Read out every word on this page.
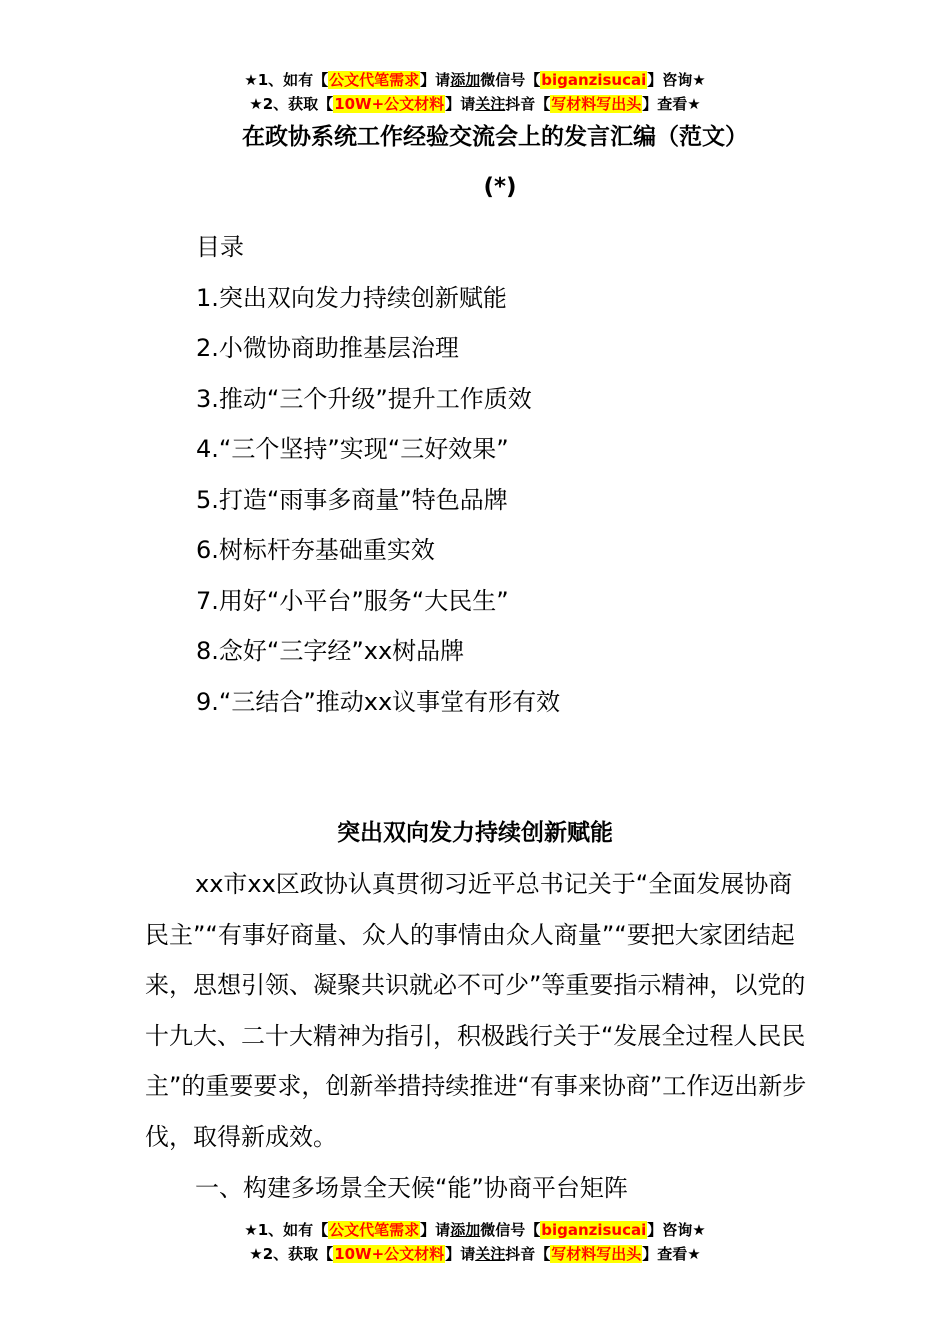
★1、如有【公文代笔需求】请添加微信号【biganzisucai】咨询★
★2、获取【10W+公文材料】请关注抖音【写材料写出头】查看★
在政协系统工作经验交流会上的发言汇编（范文）
(*)
目录
1.突出双向发力持续创新赋能
2.小微协商助推基层治理
3.推动“三个升级”提升工作质效
4.“三个坚持”实现“三好效果”
5.打造“雨事多商量”特色品牌
6.树标杆夯基础重实效
7.用好“小平台”服务“大民生”
8.念好“三字经”xx树品牌
9.“三结合”推动xx议事堂有形有效
突出双向发力持续创新赋能

xx市xx区政协认真贯彻习近平总书记关于“全面发展协商民主”“有事好商量、众人的事情由众人商量”“要把大家团结起来，思想引领、凝聚共识就必不可少”等重要指示精神，以党的十九大、二十大精神为指引，积极践行关于“发展全过程人民民主”的重要要求，创新举措持续推进“有事来协商”工作迈出新步伐，取得新成效。

一、构建多场景全天候“能”协商平台矩阵

★1、如有【公文代笔需求】请添加微信号【biganzisucai】咨询★
★2、获取【10W+公文材料】请关注抖音【写材料写出头】查看★
